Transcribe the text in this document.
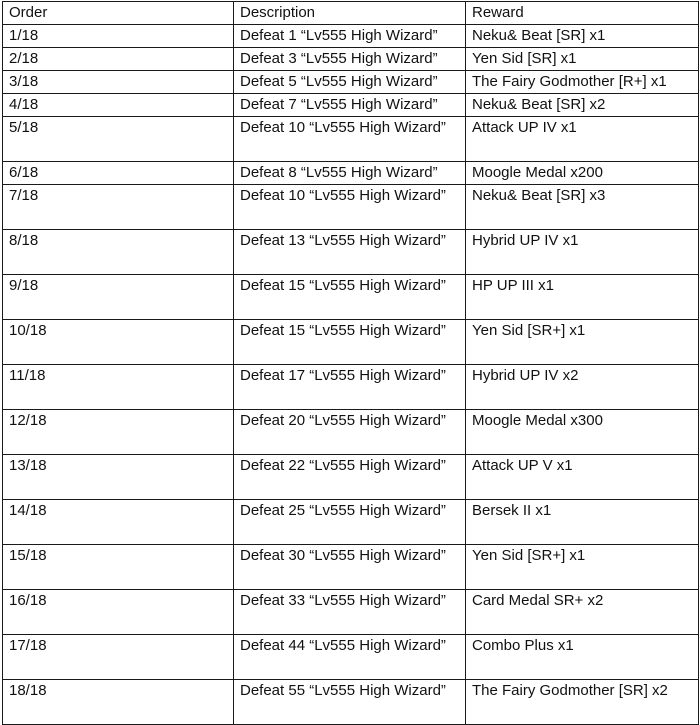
Order	Description	Reward
1/18	Defeat 1 “Lv555 High Wizard”	Neku& Beat [SR] x1
2/18	Defeat 3 “Lv555 High Wizard”	Yen Sid [SR] x1
3/18	Defeat 5 “Lv555 High Wizard”	The Fairy Godmother [R+] x1
4/18	Defeat 7 “Lv555 High Wizard”	Neku& Beat [SR] x2
5/18	Defeat 10 “Lv555 High Wizard”	Attack UP IV x1
6/18	Defeat 8 “Lv555 High Wizard”	Moogle Medal x200
7/18	Defeat 10 “Lv555 High Wizard”	Neku& Beat [SR] x3
8/18	Defeat 13 “Lv555 High Wizard”	Hybrid UP IV x1
9/18	Defeat 15 “Lv555 High Wizard”	HP UP III x1
10/18	Defeat 15 “Lv555 High Wizard”	Yen Sid [SR+] x1
11/18	Defeat 17 “Lv555 High Wizard”	Hybrid UP IV x2
12/18	Defeat 20 “Lv555 High Wizard”	Moogle Medal x300
13/18	Defeat 22 “Lv555 High Wizard”	Attack UP V x1
14/18	Defeat 25 “Lv555 High Wizard”	Bersek II x1
15/18	Defeat 30 “Lv555 High Wizard”	Yen Sid [SR+] x1
16/18	Defeat 33 “Lv555 High Wizard”	Card Medal SR+ x2
17/18	Defeat 44 “Lv555 High Wizard”	Combo Plus x1
18/18	Defeat 55 “Lv555 High Wizard”	The Fairy Godmother [SR] x2
